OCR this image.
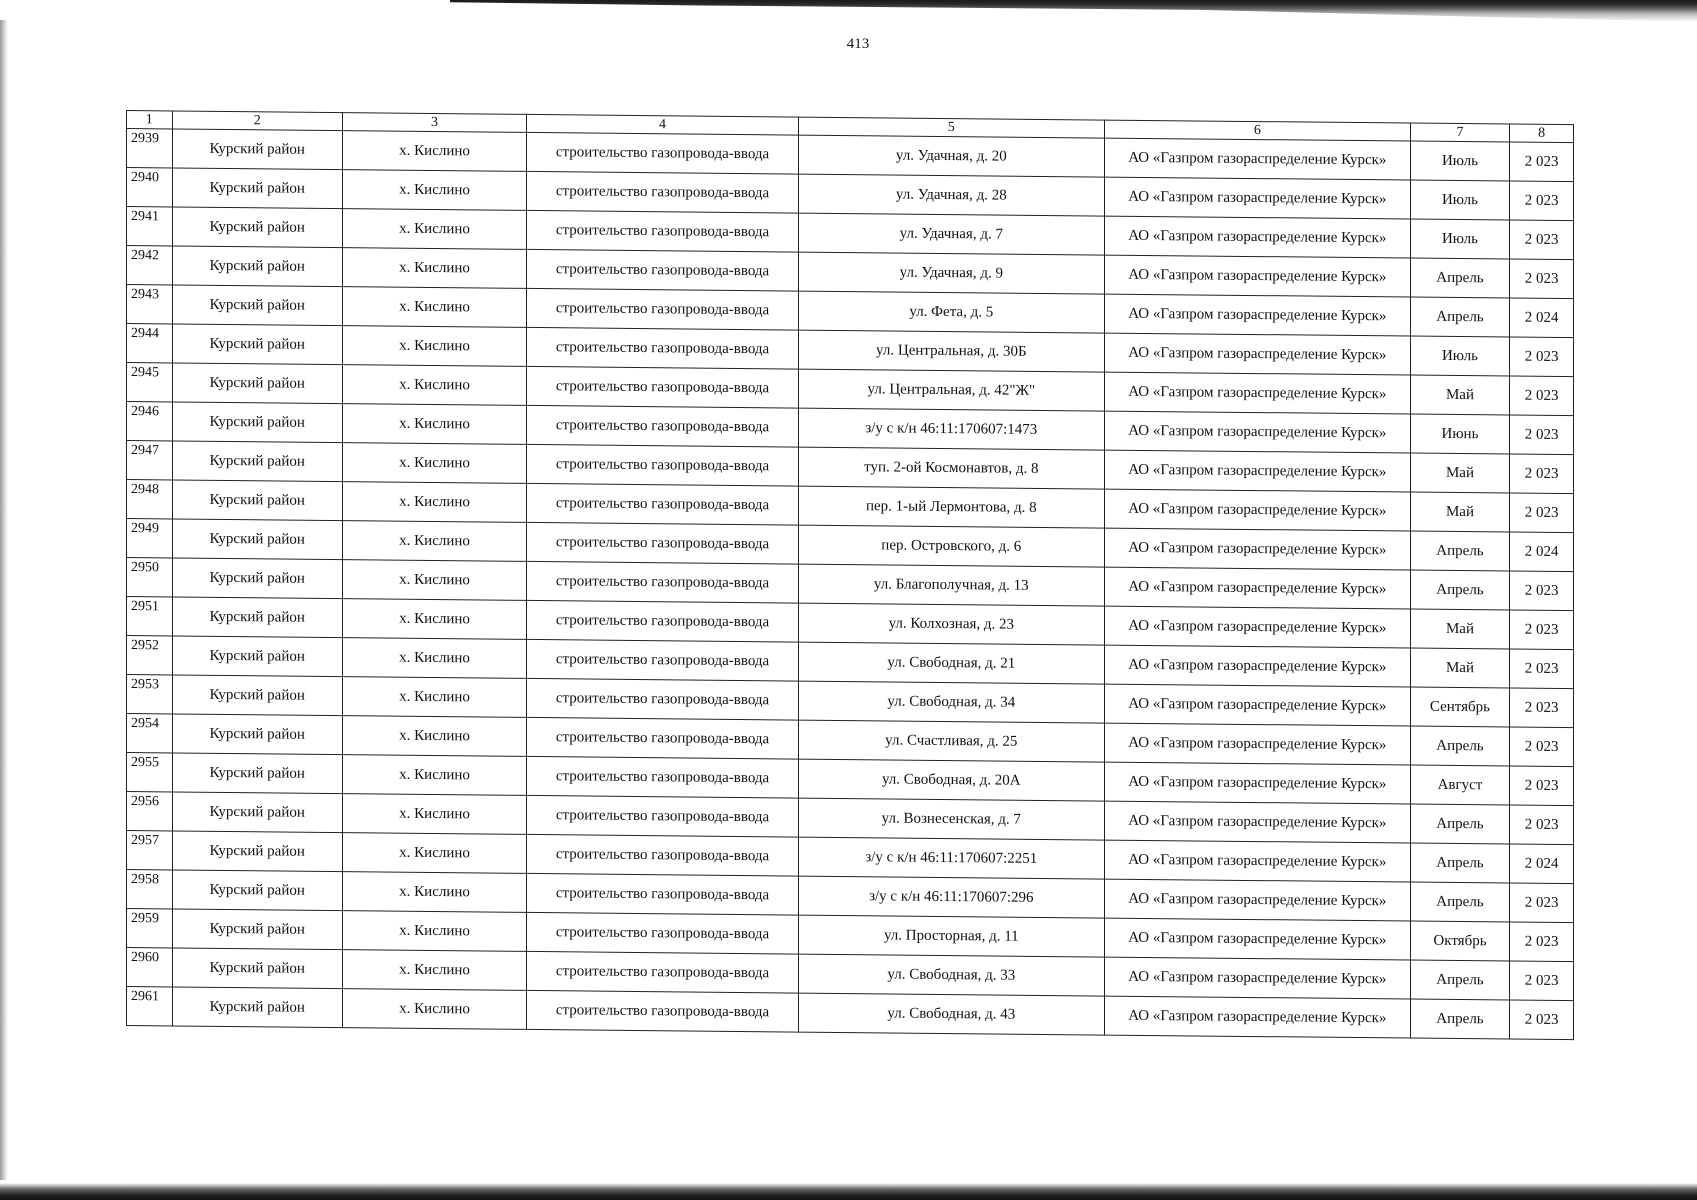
413
1	2	3	4	5	6	7	8
2939	Курский район	х. Кислино	строительство газопровода-ввода	ул. Удачная, д. 20	АО «Газпром газораспределение Курск»	Июль	2 023
2940	Курский район	х. Кислино	строительство газопровода-ввода	ул. Удачная, д. 28	АО «Газпром газораспределение Курск»	Июль	2 023
2941	Курский район	х. Кислино	строительство газопровода-ввода	ул. Удачная, д. 7	АО «Газпром газораспределение Курск»	Июль	2 023
2942	Курский район	х. Кислино	строительство газопровода-ввода	ул. Удачная, д. 9	АО «Газпром газораспределение Курск»	Апрель	2 023
2943	Курский район	х. Кислино	строительство газопровода-ввода	ул. Фета, д. 5	АО «Газпром газораспределение Курск»	Апрель	2 024
2944	Курский район	х. Кислино	строительство газопровода-ввода	ул. Центральная, д. 30Б	АО «Газпром газораспределение Курск»	Июль	2 023
2945	Курский район	х. Кислино	строительство газопровода-ввода	ул. Центральная, д. 42"Ж"	АО «Газпром газораспределение Курск»	Май	2 023
2946	Курский район	х. Кислино	строительство газопровода-ввода	з/у с к/н 46:11:170607:1473	АО «Газпром газораспределение Курск»	Июнь	2 023
2947	Курский район	х. Кислино	строительство газопровода-ввода	туп. 2-ой Космонавтов, д. 8	АО «Газпром газораспределение Курск»	Май	2 023
2948	Курский район	х. Кислино	строительство газопровода-ввода	пер. 1-ый Лермонтова, д. 8	АО «Газпром газораспределение Курск»	Май	2 023
2949	Курский район	х. Кислино	строительство газопровода-ввода	пер. Островского, д. 6	АО «Газпром газораспределение Курск»	Апрель	2 024
2950	Курский район	х. Кислино	строительство газопровода-ввода	ул. Благополучная, д. 13	АО «Газпром газораспределение Курск»	Апрель	2 023
2951	Курский район	х. Кислино	строительство газопровода-ввода	ул. Колхозная, д. 23	АО «Газпром газораспределение Курск»	Май	2 023
2952	Курский район	х. Кислино	строительство газопровода-ввода	ул. Свободная, д. 21	АО «Газпром газораспределение Курск»	Май	2 023
2953	Курский район	х. Кислино	строительство газопровода-ввода	ул. Свободная, д. 34	АО «Газпром газораспределение Курск»	Сентябрь	2 023
2954	Курский район	х. Кислино	строительство газопровода-ввода	ул. Счастливая, д. 25	АО «Газпром газораспределение Курск»	Апрель	2 023
2955	Курский район	х. Кислино	строительство газопровода-ввода	ул. Свободная, д. 20А	АО «Газпром газораспределение Курск»	Август	2 023
2956	Курский район	х. Кислино	строительство газопровода-ввода	ул. Вознесенская, д. 7	АО «Газпром газораспределение Курск»	Апрель	2 023
2957	Курский район	х. Кислино	строительство газопровода-ввода	з/у с к/н 46:11:170607:2251	АО «Газпром газораспределение Курск»	Апрель	2 024
2958	Курский район	х. Кислино	строительство газопровода-ввода	з/у с к/н 46:11:170607:296	АО «Газпром газораспределение Курск»	Апрель	2 023
2959	Курский район	х. Кислино	строительство газопровода-ввода	ул. Просторная, д. 11	АО «Газпром газораспределение Курск»	Октябрь	2 023
2960	Курский район	х. Кислино	строительство газопровода-ввода	ул. Свободная, д. 33	АО «Газпром газораспределение Курск»	Апрель	2 023
2961	Курский район	х. Кислино	строительство газопровода-ввода	ул. Свободная, д. 43	АО «Газпром газораспределение Курск»	Апрель	2 023
